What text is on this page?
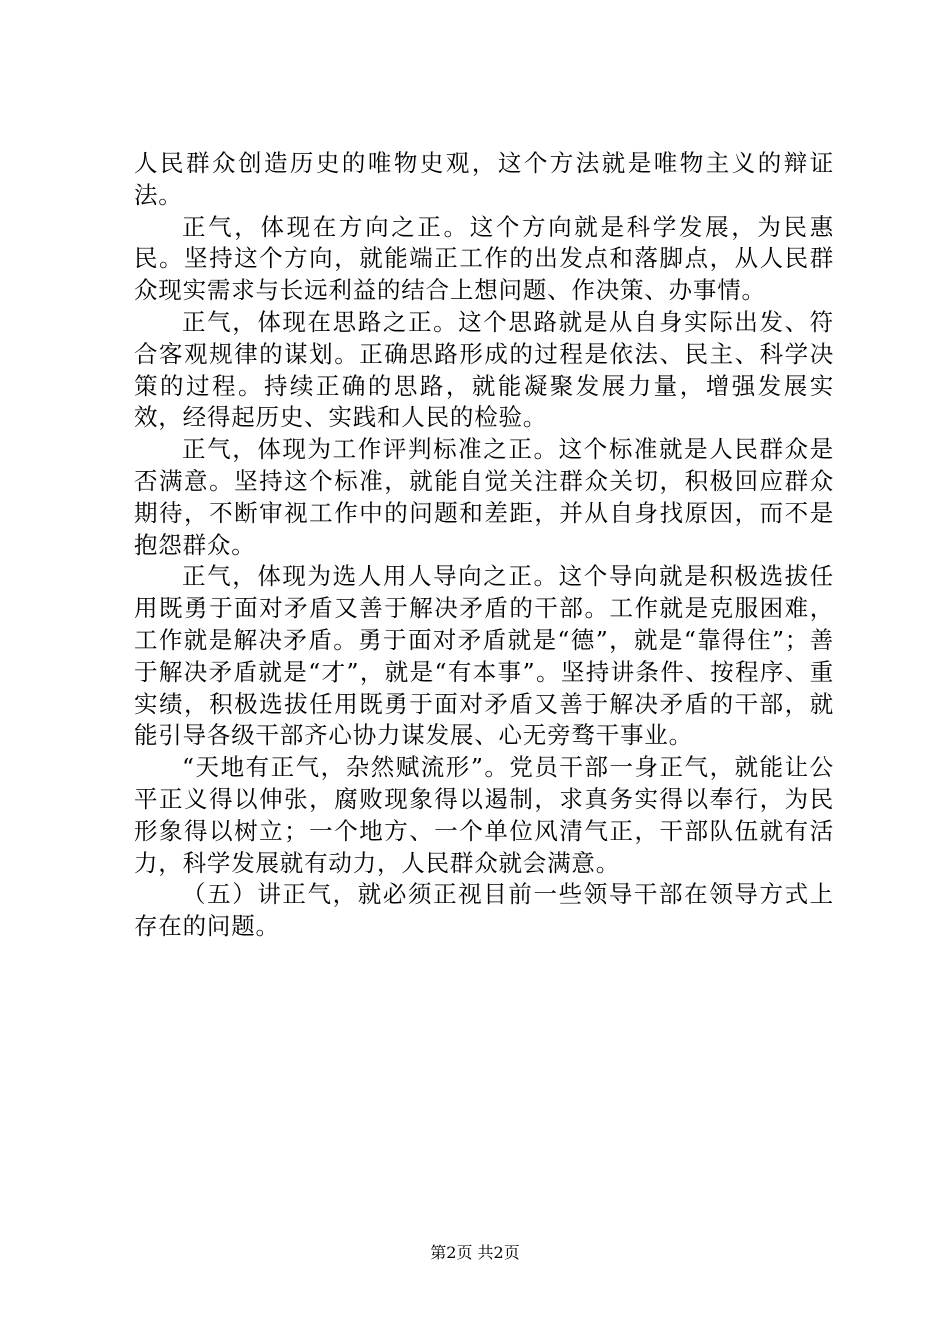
人民群众创造历史的唯物史观，这个方法就是唯物主义的辩证法。

正气，体现在方向之正。这个方向就是科学发展，为民惠民。坚持这个方向，就能端正工作的出发点和落脚点，从人民群众现实需求与长远利益的结合上想问题、作决策、办事情。

正气，体现在思路之正。这个思路就是从自身实际出发、符合客观规律的谋划。正确思路形成的过程是依法、民主、科学决策的过程。持续正确的思路，就能凝聚发展力量，增强发展实效，经得起历史、实践和人民的检验。

正气，体现为工作评判标准之正。这个标准就是人民群众是否满意。坚持这个标准，就能自觉关注群众关切，积极回应群众期待，不断审视工作中的问题和差距，并从自身找原因，而不是抱怨群众。

正气，体现为选人用人导向之正。这个导向就是积极选拔任用既勇于面对矛盾又善于解决矛盾的干部。工作就是克服困难，工作就是解决矛盾。勇于面对矛盾就是“德”，就是“靠得住”；善于解决矛盾就是“才”，就是“有本事”。坚持讲条件、按程序、重实绩，积极选拔任用既勇于面对矛盾又善于解决矛盾的干部，就能引导各级干部齐心协力谋发展、心无旁骛干事业。

“天地有正气，杂然赋流形”。党员干部一身正气，就能让公平正义得以伸张，腐败现象得以遏制，求真务实得以奉行，为民形象得以树立；一个地方、一个单位风清气正，干部队伍就有活力，科学发展就有动力，人民群众就会满意。

（五）讲正气，就必须正视目前一些领导干部在领导方式上存在的问题。

第2页 共2页
